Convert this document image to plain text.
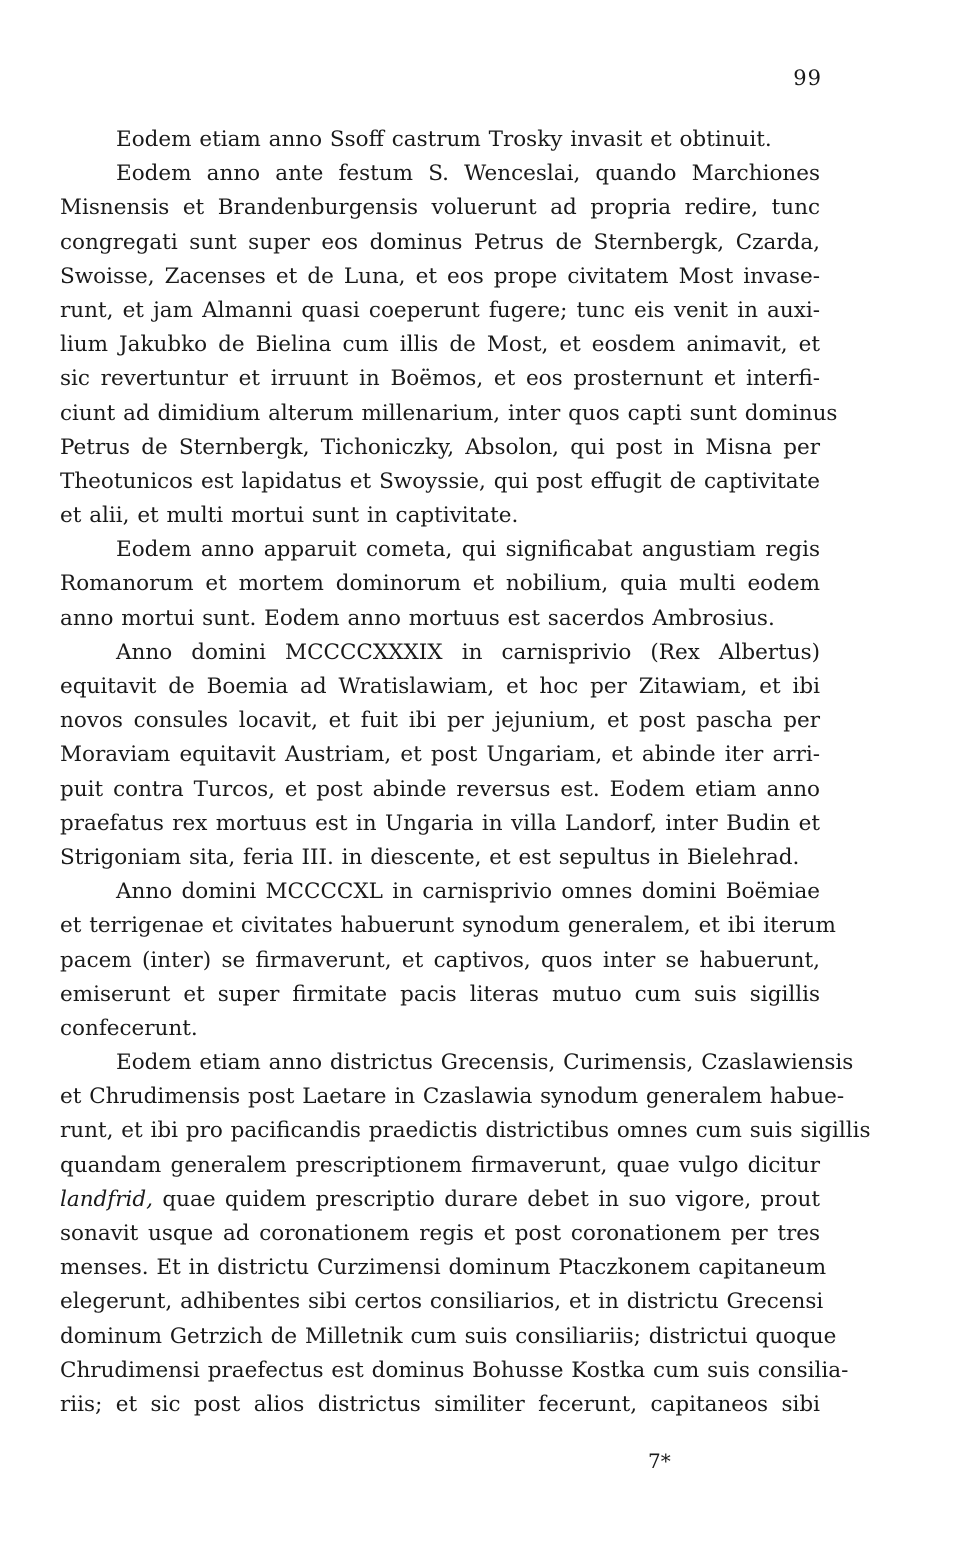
99
Eodem etiam anno Ssoff castrum Trosky invasit et obtinuit.
Eodem anno ante festum S. Wenceslai, quando Marchiones
Misnensis et Brandenburgensis voluerunt ad propria redire, tunc
congregati sunt super eos dominus Petrus de Sternbergk, Czarda,
Swoisse, Zacenses et de Luna, et eos prope civitatem Most invase-
runt, et jam Almanni quasi coeperunt fugere; tunc eis venit in auxi-
lium Jakubko de Bielina cum illis de Most, et eosdem animavit, et
sic revertuntur et irruunt in Boëmos, et eos prosternunt et interfi-
ciunt ad dimidium alterum millenarium, inter quos capti sunt dominus
Petrus de Sternbergk, Tichoniczky, Absolon, qui post in Misna per
Theotunicos est lapidatus et Swoyssie, qui post effugit de captivitate
et alii, et multi mortui sunt in captivitate.
Eodem anno apparuit cometa, qui significabat angustiam regis
Romanorum et mortem dominorum et nobilium, quia multi eodem
anno mortui sunt. Eodem anno mortuus est sacerdos Ambrosius.
Anno domini MCCCCXXXIX in carnisprivio (Rex Albertus)
equitavit de Boemia ad Wratislawiam, et hoc per Zitawiam, et ibi
novos consules locavit, et fuit ibi per jejunium, et post pascha per
Moraviam equitavit Austriam, et post Ungariam, et abinde iter arri-
puit contra Turcos, et post abinde reversus est. Eodem etiam anno
praefatus rex mortuus est in Ungaria in villa Landorf, inter Budin et
Strigoniam sita, feria III. in diescente, et est sepultus in Bielehrad.
Anno domini MCCCCXL in carnisprivio omnes domini Boëmiae
et terrigenae et civitates habuerunt synodum generalem, et ibi iterum
pacem (inter) se firmaverunt, et captivos, quos inter se habuerunt,
emiserunt et super firmitate pacis literas mutuo cum suis sigillis
confecerunt.
Eodem etiam anno districtus Grecensis, Curimensis, Czaslawiensis
et Chrudimensis post Laetare in Czaslawia synodum generalem habue-
runt, et ibi pro pacificandis praedictis districtibus omnes cum suis sigillis
quandam generalem prescriptionem firmaverunt, quae vulgo dicitur
landfrid, quae quidem prescriptio durare debet in suo vigore, prout
sonavit usque ad coronationem regis et post coronationem per tres
menses. Et in districtu Curzimensi dominum Ptaczkonem capitaneum
elegerunt, adhibentes sibi certos consiliarios, et in districtu Grecensi
dominum Getrzich de Milletnik cum suis consiliariis; districtui quoque
Chrudimensi praefectus est dominus Bohusse Kostka cum suis consilia-
riis; et sic post alios districtus similiter fecerunt, capitaneos sibi
7*
